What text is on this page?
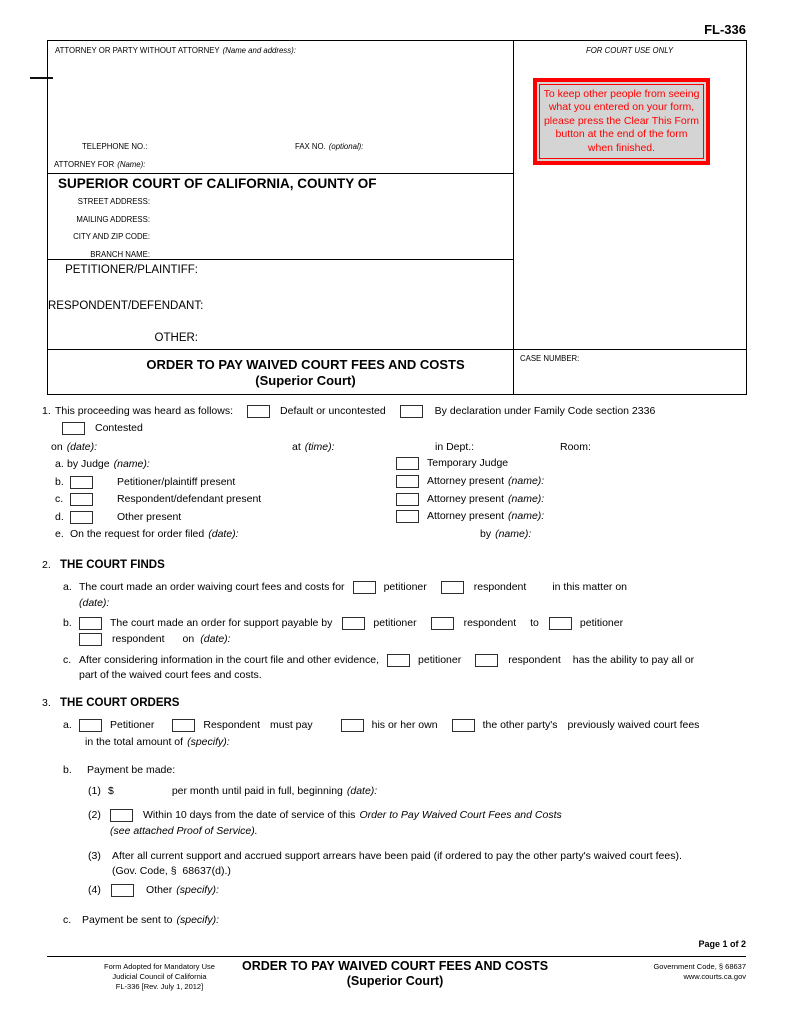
FL-336
ATTORNEY OR PARTY WITHOUT ATTORNEY (Name and address):
TELEPHONE NO.:	FAX NO. (optional):
ATTORNEY FOR (Name):
SUPERIOR COURT OF CALIFORNIA, COUNTY OF
STREET ADDRESS:
MAILING ADDRESS:
CITY AND ZIP CODE:
BRANCH NAME:
PETITIONER/PLAINTIFF:
RESPONDENT/DEFENDANT:
OTHER:
ORDER TO PAY WAIVED COURT FEES AND COSTS
(Superior Court)
FOR COURT USE ONLY
To keep other people from seeing what you entered on your form, please press the Clear This Form button at the end of the form when finished.
CASE NUMBER:
1. This proceeding was heard as follows:	Default or uncontested	By declaration under Family Code section 2336
Contested
on (date):	at (time):	in Dept.:	Room:
a. by Judge (name):	Temporary Judge
b.	Petitioner/plaintiff present	Attorney present (name):
c.	Respondent/defendant present	Attorney present (name):
d.	Other present	Attorney present (name):
e. On the request for order filed (date):	by (name):
2. THE COURT FINDS
a. The court made an order waiving court fees and costs for	petitioner	respondent in this matter on
(date):
b.	The court made an order for support payable by	petitioner	respondent to	petitioner
respondent on (date):
c. After considering information in the court file and other evidence,	petitioner	respondent has the ability to pay all or
part of the waived court fees and costs.
3. THE COURT ORDERS
a.	Petitioner	Respondent must pay	his or her own	the other party's previously waived court fees
in the total amount of (specify):
b.	Payment be made:
(1) $	per month until paid in full, beginning (date):
(2)	Within 10 days from the date of service of this Order to Pay Waived Court Fees and Costs
(see attached Proof of Service).
(3)	After all current support and accrued support arrears have been paid (if ordered to pay the other party's waived court fees).
(Gov. Code, §  68637(d).)
(4)	Other (specify):
c.	Payment be sent to (specify):
Page 1 of 2
Form Adopted for Mandatory Use
Judicial Council of California
FL-336 [Rev. July 1, 2012]
ORDER TO PAY WAIVED COURT FEES AND COSTS
(Superior Court)
Government Code, § 68637
www.courts.ca.gov
